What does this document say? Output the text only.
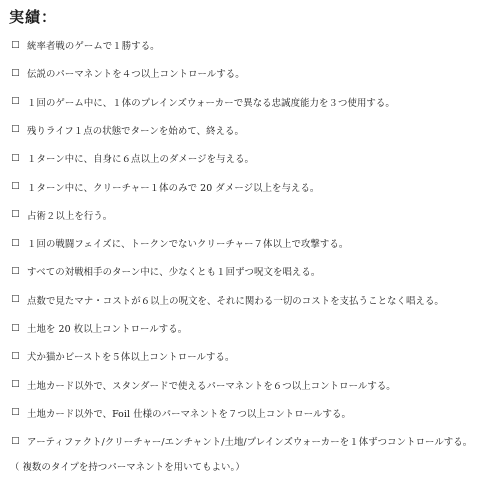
実績：
☐ 統率者戦のゲームで１勝する。
☐ 伝説のパーマネントを４つ以上コントロールする。
☐ １回のゲーム中に、１体のプレインズウォーカーで異なる忠誠度能力を３つ使用する。
☐ 残りライフ１点の状態でターンを始めて、終える。
☐ １ターン中に、自身に６点以上のダメージを与える。
☐ １ターン中に、クリーチャー１体のみで 20 ダメージ以上を与える。
☐ 占術２以上を行う。
☐ １回の戦闘フェイズに、トークンでないクリーチャー７体以上で攻撃する。
☐ すべての対戦相手のターン中に、少なくとも１回ずつ呪文を唱える。
☐ 点数で見たマナ・コストが６以上の呪文を、それに関わる一切のコストを支払うことなく唱える。
☐ 土地を 20 枚以上コントロールする。
☐ 犬か猫かビーストを５体以上コントロールする。
☐ 土地カード以外で、スタンダードで使えるパーマネントを６つ以上コントロールする。
☐ 土地カード以外で、Foil 仕様のパーマネントを７つ以上コントロールする。
☐ アーティファクト/クリーチャー/エンチャント/土地/プレインズウォーカーを１体ずつコントロールする。
（ 複数のタイプを持つパーマネントを用いてもよい。）
